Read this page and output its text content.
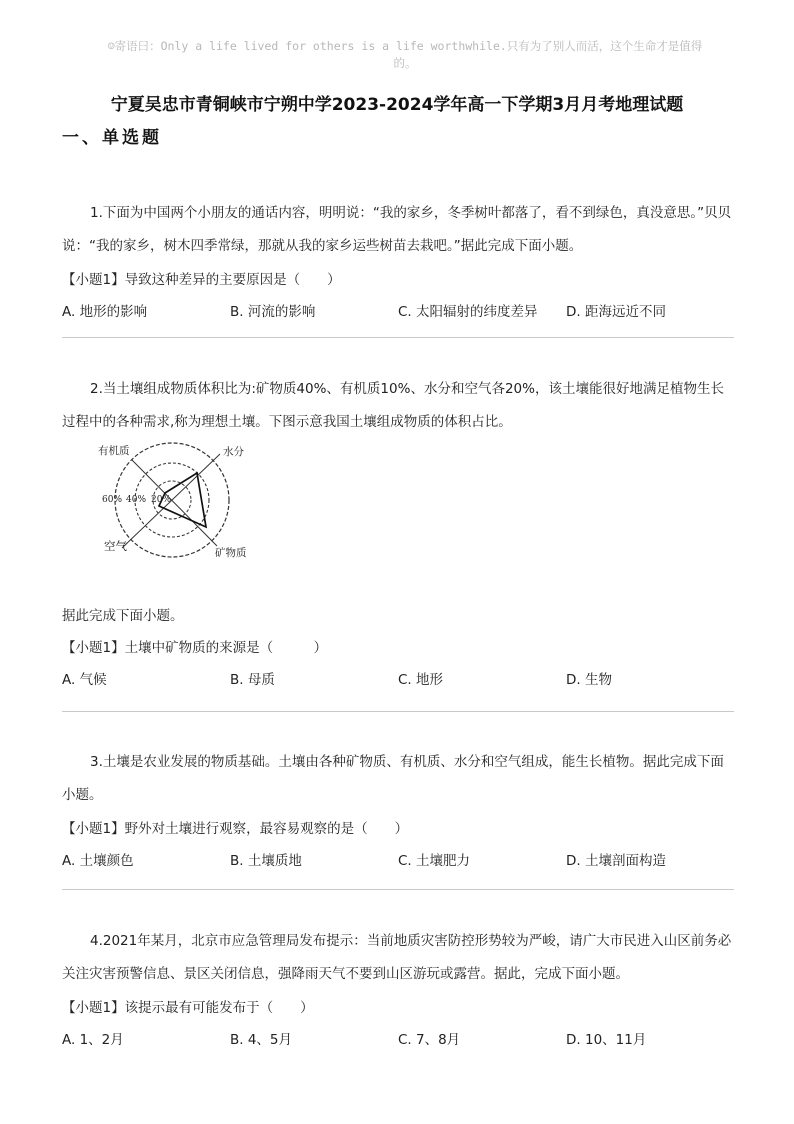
☺寄语曰：Only a life lived for others is a life worthwhile.只有为了别人而活，这个生命才是值得
的。
宁夏吴忠市青铜峡市宁朔中学2023-2024学年高一下学期3月月考地理试题
一、单选题

1.下面为中国两个小朋友的通话内容，明明说：“我的家乡，冬季树叶都落了，看不到绿色，真没意思。”贝贝说：“我的家乡，树木四季常绿，那就从我的家乡运些树苗去栽吧。”据此完成下面小题。

【小题1】导致这种差异的主要原因是（　　）
A. 地形的影响	B. 河流的影响	C. 太阳辐射的纬度差异	D. 距海远近不同

2.当土壤组成物质体积比为:矿物质40%、有机质10%、水分和空气各20%，该土壤能很好地满足植物生长过程中的各种需求,称为理想土壤。下图示意我国土壤组成物质的体积占比。

有机质	水分
60% 40% 20%
空气	矿物质
据此完成下面小题。
【小题1】土壤中矿物质的来源是（　　　）
A. 气候	B. 母质	C. 地形	D. 生物

3.土壤是农业发展的物质基础。土壤由各种矿物质、有机质、水分和空气组成，能生长植物。据此完成下面小题。

【小题1】野外对土壤进行观察，最容易观察的是（　　）
A. 土壤颜色	B. 土壤质地	C. 土壤肥力	D. 土壤剖面构造

4.2021年某月，北京市应急管理局发布提示：当前地质灾害防控形势较为严峻，请广大市民进入山区前务必关注灾害预警信息、景区关闭信息，强降雨天气不要到山区游玩或露营。据此，完成下面小题。

【小题1】该提示最有可能发布于（　　）
A. 1、2月	B. 4、5月	C. 7、8月	D. 10、11月
